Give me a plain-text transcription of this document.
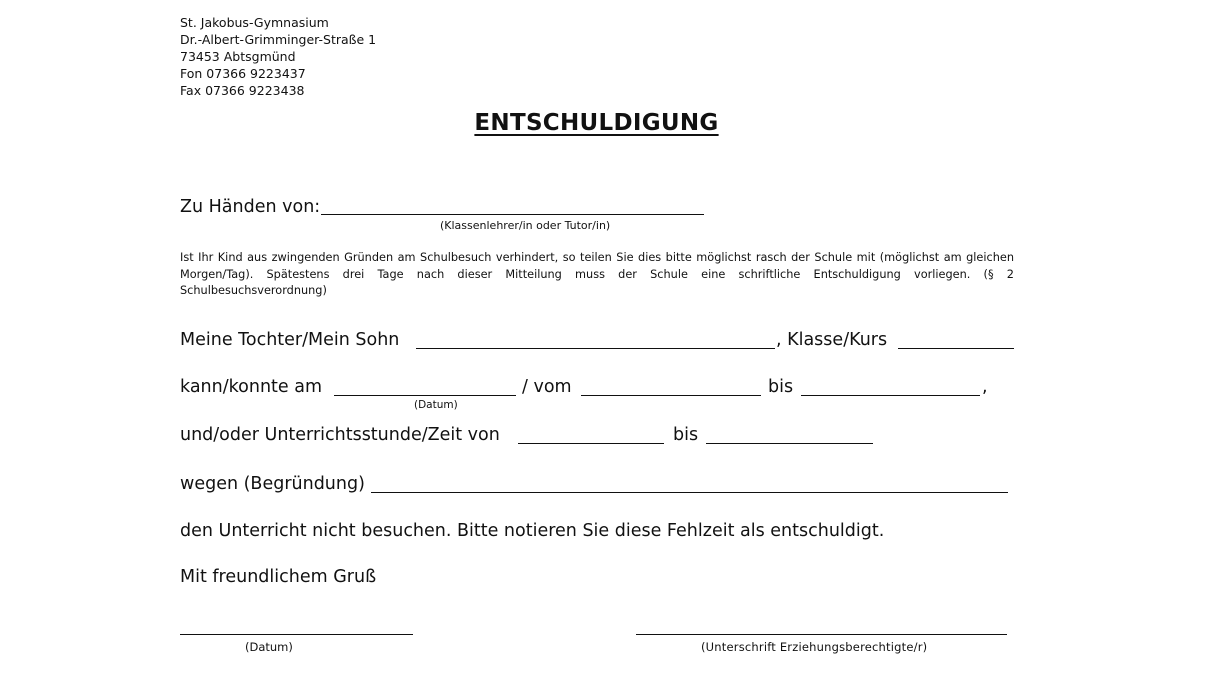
St. Jakobus-Gymnasium
Dr.-Albert-Grimminger-Straße 1
73453 Abtsgmünd
Fon 07366 9223437
Fax 07366 9223438
ENTSCHULDIGUNG
Zu Händen von:
(Klassenlehrer/in oder Tutor/in)
Ist Ihr Kind aus zwingenden Gründen am Schulbesuch verhindert, so teilen Sie dies bitte möglichst rasch der Schule mit (möglichst am gleichen Morgen/Tag). Spätestens drei Tage nach dieser Mitteilung muss der Schule eine schriftliche Entschuldigung vorliegen. (§ 2 Schulbesuchsverordnung)
Meine Tochter/Mein Sohn	, Klasse/Kurs
kann/konnte am
(Datum)
/ vom	bis	,
und/oder Unterrichtsstunde/Zeit von	bis
wegen (Begründung)
den Unterricht nicht besuchen. Bitte notieren Sie diese Fehlzeit als entschuldigt.
Mit freundlichem Gruß
(Datum)	(Unterschrift Erziehungsberechtigte/r)
